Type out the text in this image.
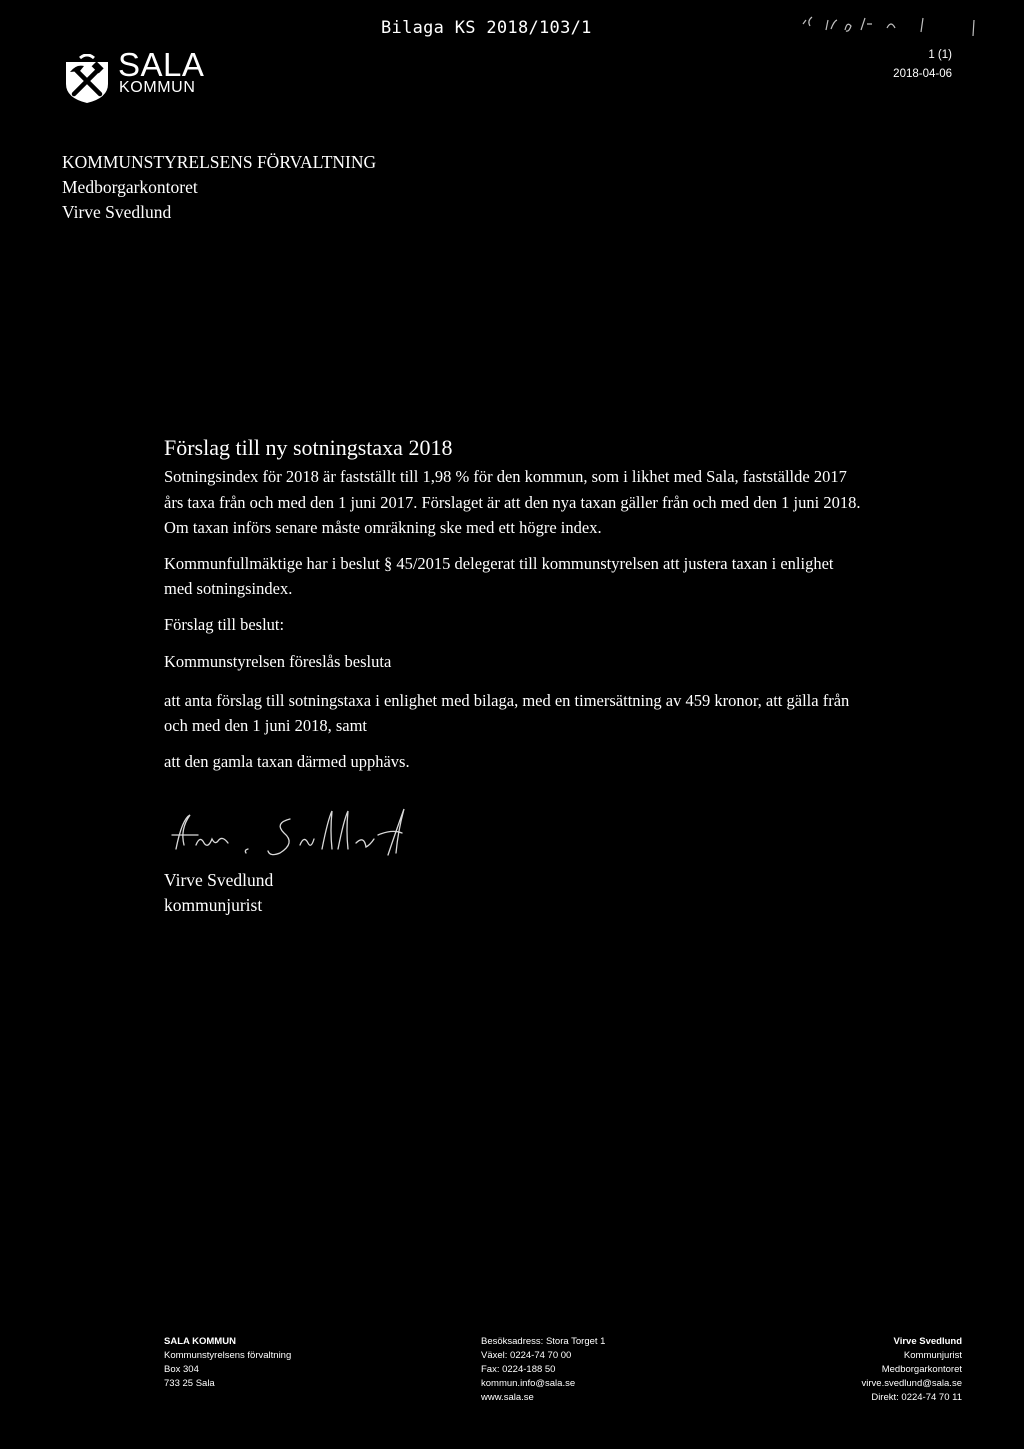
SALA
KOMMUN
Bilaga KS 2018/103/1
1 (1)
2018-04-06
KOMMUNSTYRELSENS FÖRVALTNING
Medborgarkontoret
Virve Svedlund
Förslag till ny sotningstaxa 2018

Sotningsindex för 2018 är fastställt till 1,98 % för den kommun, som i likhet med Sala, fastställde 2017 års taxa från och med den 1 juni 2017. Förslaget är att den nya taxan gäller från och med den 1 juni 2018. Om taxan införs senare måste omräkning ske med ett högre index.

Kommunfullmäktige har i beslut § 45/2015 delegerat till kommunstyrelsen att justera taxan i enlighet med sotningsindex.

Förslag till beslut:

Kommunstyrelsen föreslås besluta

att anta förslag till sotningstaxa i enlighet med bilaga, med en timersättning av 459 kronor, att gälla från och med den 1 juni 2018, samt

att den gamla taxan därmed upphävs.

Virve Svedlund
kommunjurist
SALA KOMMUN
Kommunstyrelsens förvaltning
Box 304
733 25 Sala
Besöksadress: Stora Torget 1
Växel: 0224-74 70 00
Fax: 0224-188 50
kommun.info@sala.se
www.sala.se
Virve Svedlund
Kommunjurist
Medborgarkontoret
virve.svedlund@sala.se
Direkt: 0224-74 70 11
